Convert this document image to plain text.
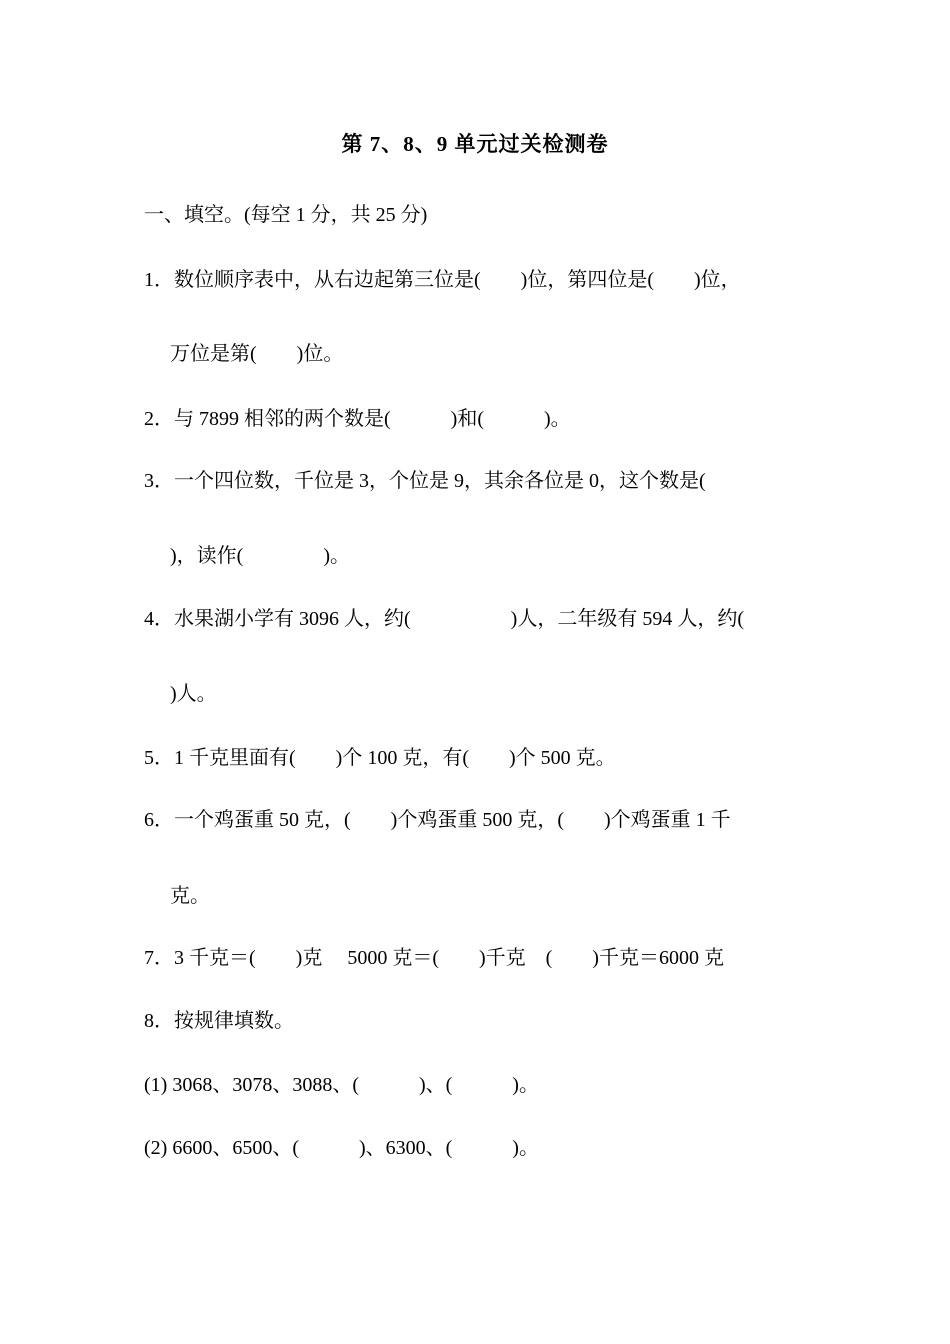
第 7、8、9 单元过关检测卷
一、填空。(每空 1 分，共 25 分)
1．数位顺序表中，从右边起第三位是(　　)位，第四位是(　　)位，
万位是第(　　)位。
2．与 7899 相邻的两个数是(　　　)和(　　　)。
3．一个四位数，千位是 3，个位是 9，其余各位是 0，这个数是(
)，读作(　　　　)。
4．水果湖小学有 3096 人，约(　　　　　)人，二年级有 594 人，约(
)人。
5．1 千克里面有(　　)个 100 克，有(　　)个 500 克。
6．一个鸡蛋重 50 克，(　　)个鸡蛋重 500 克，(　　)个鸡蛋重 1 千
克。
7．3 千克＝(　　)克　 5000 克＝(　　)千克　(　　)千克＝6000 克
8．按规律填数。
(1) 3068、3078、3088、(　　　)、(　　　)。
(2) 6600、6500、(　　　)、6300、(　　　)。
